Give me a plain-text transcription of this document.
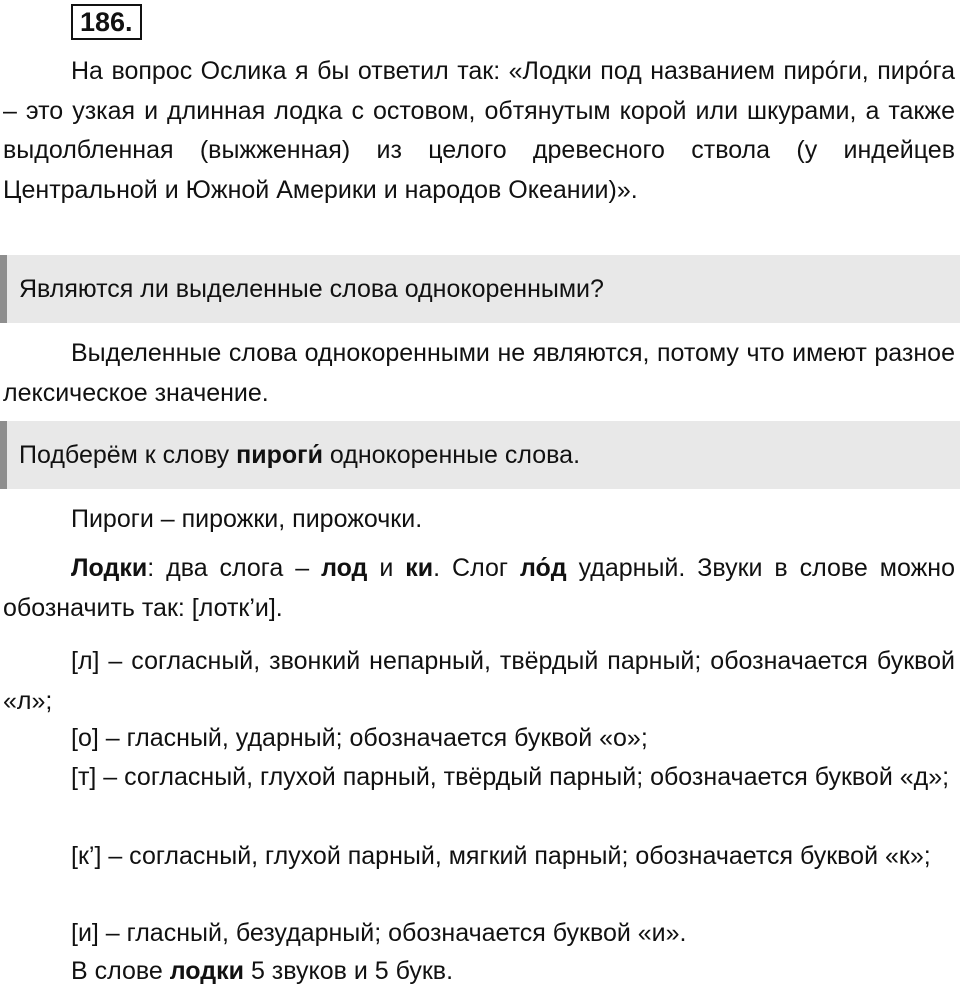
186.

На вопрос Ослика я бы ответил так: «Лодки под названием пиро́ги, пиро́га – это узкая и длинная лодка с остовом, обтянутым корой или шкурами, а также выдолбленная (выжженная) из целого древесного ствола (у индейцев Центральной и Южной Америки и народов Океании)».

Являются ли выделенные слова однокоренными?

Выделенные слова однокоренными не являются, потому что имеют разное лексическое значение.

Подберём к слову пироги́ однокоренные слова.

Пироги – пирожки, пирожочки.

Лодки: два слога – лод и ки. Слог ло́д ударный. Звуки в слове можно обозначить так: [лотк’и].

[л] – согласный, звонкий непарный, твёрдый парный; обозначается буквой «л»;

[о] – гласный, ударный; обозначается буквой «о»;

[т] – согласный, глухой парный, твёрдый парный; обозначается буквой «д»;

[к’] – согласный, глухой парный, мягкий парный; обозначается буквой «к»;

[и] – гласный, безударный; обозначается буквой «и».

В слове лодки 5 звуков и 5 букв.
